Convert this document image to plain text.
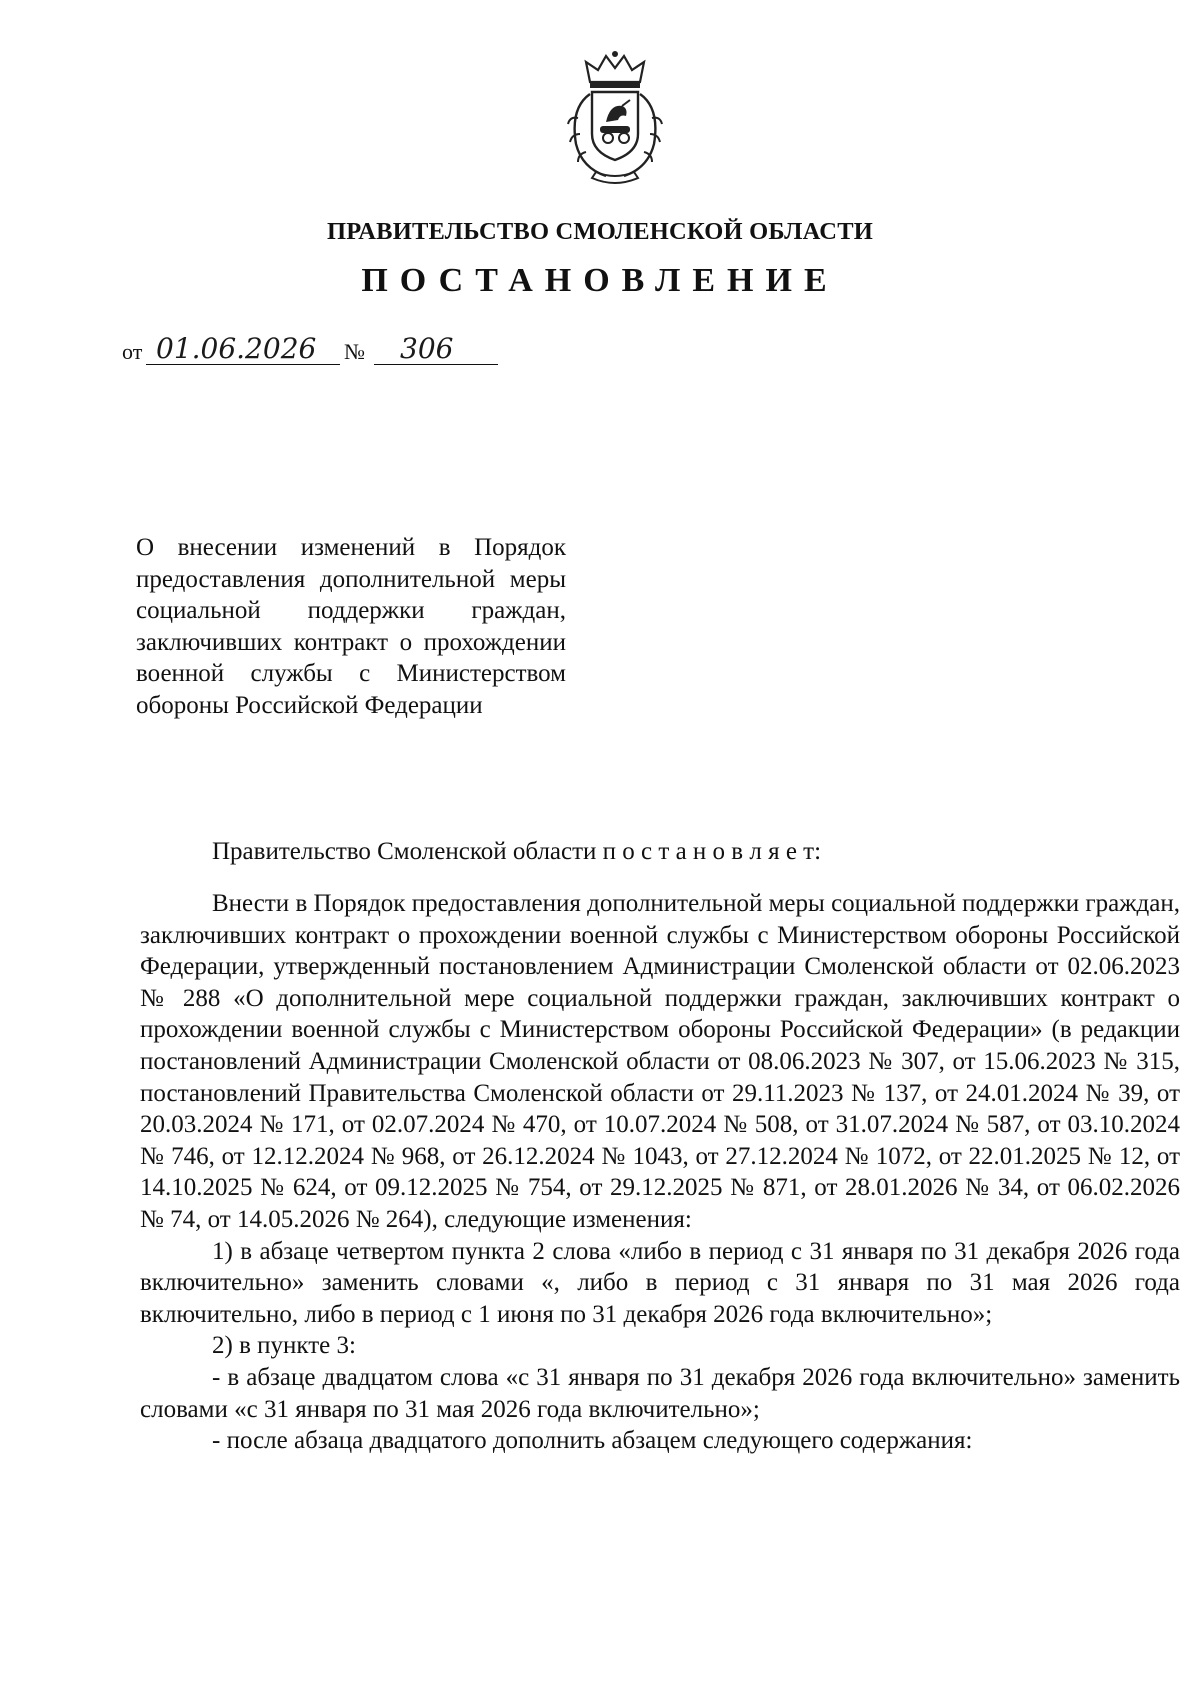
ПРАВИТЕЛЬСТВО СМОЛЕНСКОЙ ОБЛАСТИ
ПОСТАНОВЛЕНИЕ
от 01.06.2026 № 306
О внесении изменений в Порядок предоставления дополнительной меры социальной поддержки граждан, заключивших контракт о прохождении военной службы с Министерством обороны Российской Федерации
Правительство Смоленской области п о с т а н о в л я е т:

Внести в Порядок предоставления дополнительной меры социальной поддержки граждан, заключивших контракт о прохождении военной службы с Министерством обороны Российской Федерации, утвержденный постановлением Администрации Смоленской области от 02.06.2023 № 288 «О дополнительной мере социальной поддержки граждан, заключивших контракт о прохождении военной службы с Министерством обороны Российской Федерации» (в редакции постановлений Администрации Смоленской области от 08.06.2023 № 307, от 15.06.2023 № 315, постановлений Правительства Смоленской области от 29.11.2023 № 137, от 24.01.2024 № 39, от 20.03.2024 № 171, от 02.07.2024 № 470, от 10.07.2024 № 508, от 31.07.2024 № 587, от 03.10.2024 № 746, от 12.12.2024 № 968, от 26.12.2024 № 1043, от 27.12.2024 № 1072, от 22.01.2025 № 12, от 14.10.2025 № 624, от 09.12.2025 № 754, от 29.12.2025 № 871, от 28.01.2026 № 34, от 06.02.2026 № 74, от 14.05.2026 № 264), следующие изменения:

1) в абзаце четвертом пункта 2 слова «либо в период с 31 января по 31 декабря 2026 года включительно» заменить словами «, либо в период с 31 января по 31 мая 2026 года включительно, либо в период с 1 июня по 31 декабря 2026 года включительно»;

2) в пункте 3:

- в абзаце двадцатом слова «с 31 января по 31 декабря 2026 года включительно» заменить словами «с 31 января по 31 мая 2026 года включительно»;

- после абзаца двадцатого дополнить абзацем следующего содержания:
